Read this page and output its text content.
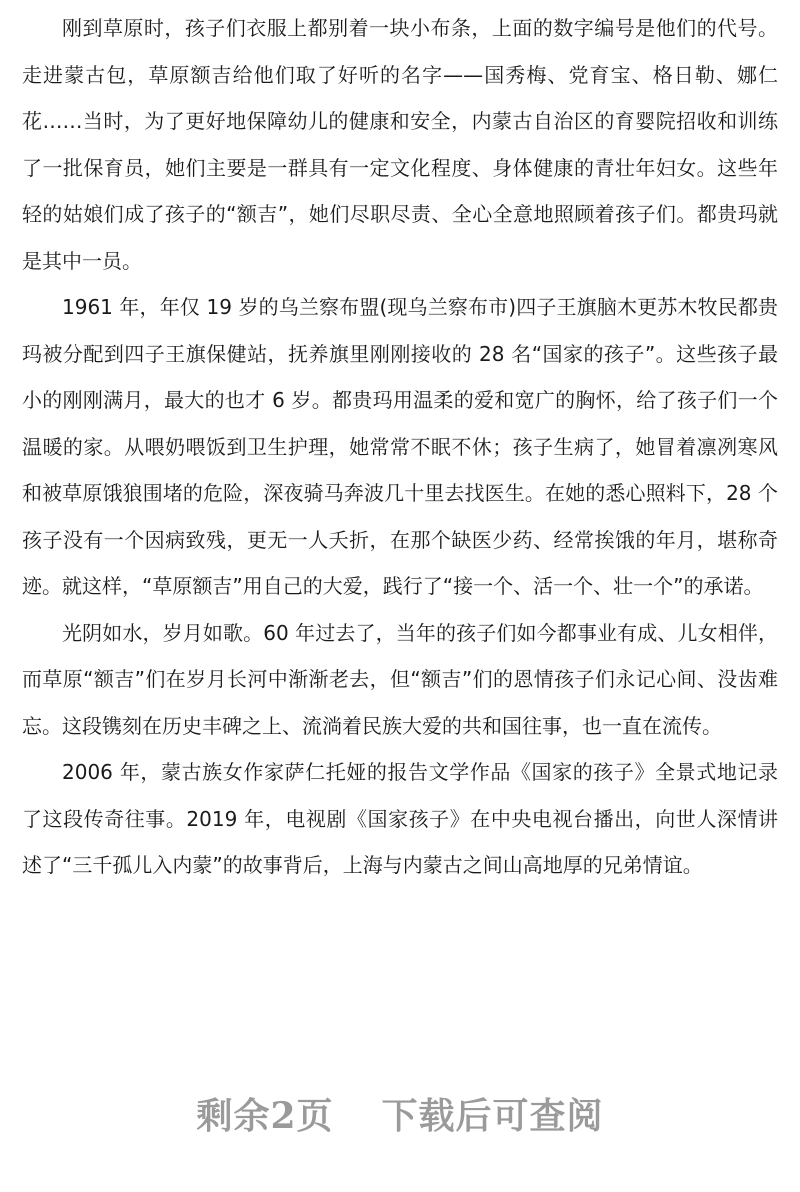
刚到草原时，孩子们衣服上都别着一块小布条，上面的数字编号是他们的代号。走进蒙古包，草原额吉给他们取了好听的名字——国秀梅、党育宝、格日勒、娜仁花……当时，为了更好地保障幼儿的健康和安全，内蒙古自治区的育婴院招收和训练了一批保育员，她们主要是一群具有一定文化程度、身体健康的青壮年妇女。这些年轻的姑娘们成了孩子的“额吉”，她们尽职尽责、全心全意地照顾着孩子们。都贵玛就是其中一员。

1961 年，年仅 19 岁的乌兰察布盟(现乌兰察布市)四子王旗脑木更苏木牧民都贵玛被分配到四子王旗保健站，抚养旗里刚刚接收的 28 名“国家的孩子”。这些孩子最小的刚刚满月，最大的也才 6 岁。都贵玛用温柔的爱和宽广的胸怀，给了孩子们一个温暖的家。从喂奶喂饭到卫生护理，她常常不眠不休；孩子生病了，她冒着凛冽寒风和被草原饿狼围堵的危险，深夜骑马奔波几十里去找医生。在她的悉心照料下，28 个孩子没有一个因病致残，更无一人夭折，在那个缺医少药、经常挨饿的年月，堪称奇迹。就这样，“草原额吉”用自己的大爱，践行了“接一个、活一个、壮一个”的承诺。

光阴如水，岁月如歌。60 年过去了，当年的孩子们如今都事业有成、儿女相伴，而草原“额吉”们在岁月长河中渐渐老去，但“额吉”们的恩情孩子们永记心间、没齿难忘。这段镌刻在历史丰碑之上、流淌着民族大爱的共和国往事，也一直在流传。

2006 年，蒙古族女作家萨仁托娅的报告文学作品《国家的孩子》全景式地记录了这段传奇往事。2019 年，电视剧《国家孩子》在中央电视台播出，向世人深情讲述了“三千孤儿入内蒙”的故事背后，上海与内蒙古之间山高地厚的兄弟情谊。

剩余2页 下载后可查阅
